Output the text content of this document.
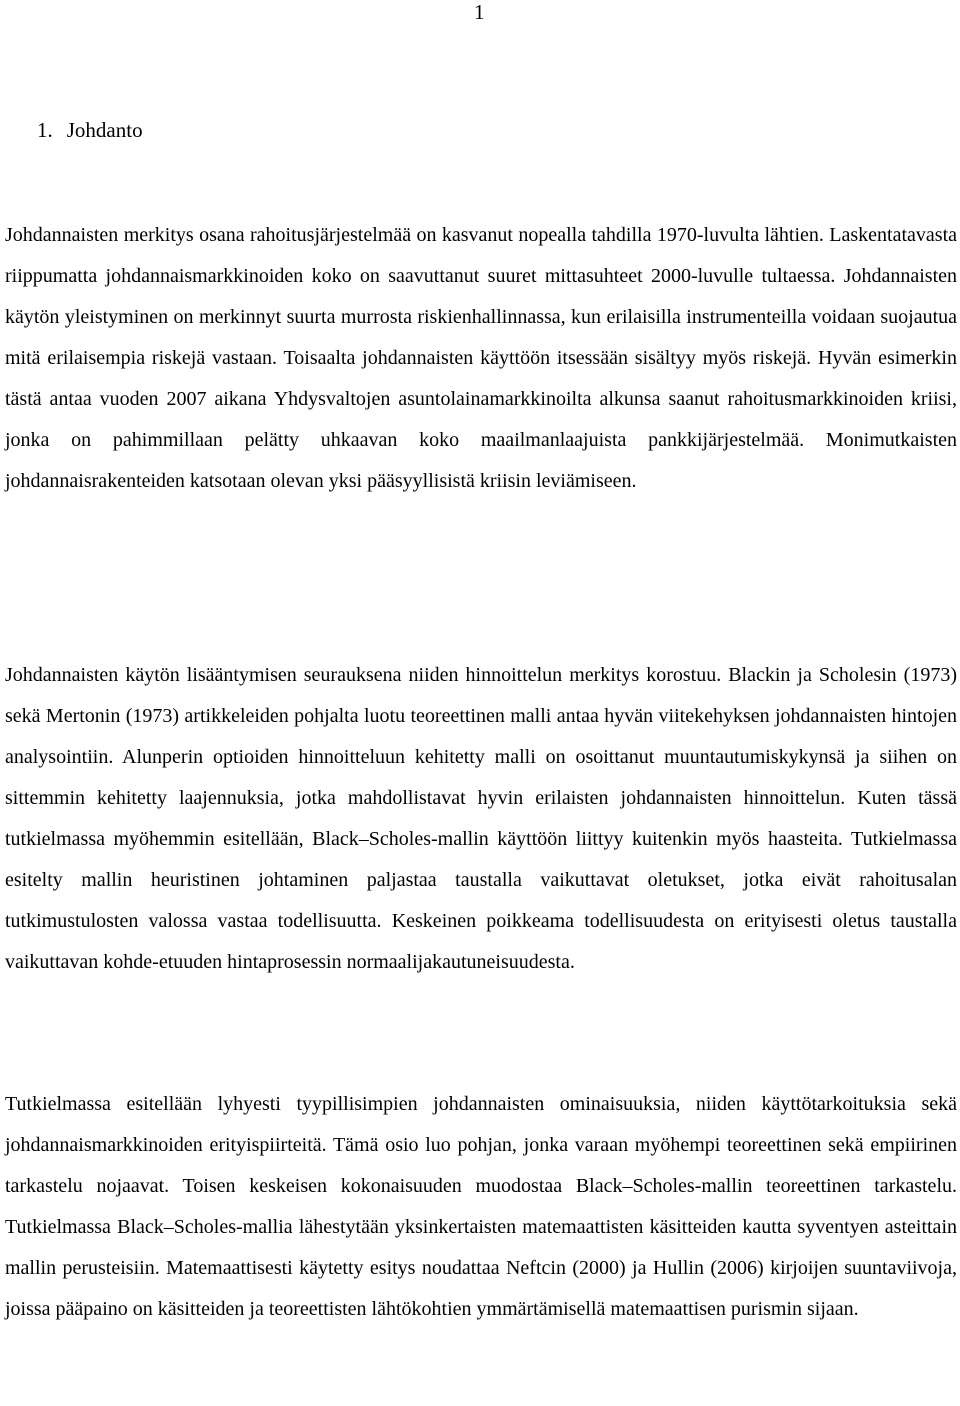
1
1. Johdanto

Johdannaisten merkitys osana rahoitusjärjestelmää on kasvanut nopealla tahdilla 1970-luvulta lähtien. Laskentatavasta riippumatta johdannaismarkkinoiden koko on saavuttanut suuret mittasuhteet 2000-luvulle tultaessa. Johdannaisten käytön yleistyminen on merkinnyt suurta murrosta riskienhallinnassa, kun erilaisilla instrumenteilla voidaan suojautua mitä erilaisempia riskejä vastaan. Toisaalta johdannaisten käyttöön itsessään sisältyy myös riskejä. Hyvän esimerkin tästä antaa vuoden 2007 aikana Yhdysvaltojen asuntolainamarkkinoilta alkunsa saanut rahoitusmarkkinoiden kriisi, jonka on pahimmillaan pelätty uhkaavan koko maailmanlaajuista pankkijärjestelmää. Monimutkaisten johdannaisrakenteiden katsotaan olevan yksi pääsyyllisistä kriisin leviämiseen.

Johdannaisten käytön lisääntymisen seurauksena niiden hinnoittelun merkitys korostuu. Blackin ja Scholesin (1973) sekä Mertonin (1973) artikkeleiden pohjalta luotu teoreettinen malli antaa hyvän viitekehyksen johdannaisten hintojen analysointiin. Alunperin optioiden hinnoitteluun kehitetty malli on osoittanut muuntautumiskykynsä ja siihen on sittemmin kehitetty laajennuksia, jotka mahdollistavat hyvin erilaisten johdannaisten hinnoittelun. Kuten tässä tutkielmassa myöhemmin esitellään, Black–Scholes-mallin käyttöön liittyy kuitenkin myös haasteita. Tutkielmassa esitelty mallin heuristinen johtaminen paljastaa taustalla vaikuttavat oletukset, jotka eivät rahoitusalan tutkimustulosten valossa vastaa todellisuutta. Keskeinen poikkeama todellisuudesta on erityisesti oletus taustalla vaikuttavan kohde-etuuden hintaprosessin normaalijakautuneisuudesta.

Tutkielmassa esitellään lyhyesti tyypillisimpien johdannaisten ominaisuuksia, niiden käyttötarkoituksia sekä johdannaismarkkinoiden erityispiirteitä. Tämä osio luo pohjan, jonka varaan myöhempi teoreettinen sekä empiirinen tarkastelu nojaavat. Toisen keskeisen kokonaisuuden muodostaa Black–Scholes-mallin teoreettinen tarkastelu. Tutkielmassa Black–Scholes-mallia lähestytään yksinkertaisten matemaattisten käsitteiden kautta syventyen asteittain mallin perusteisiin. Matemaattisesti käytetty esitys noudattaa Neftcin (2000) ja Hullin (2006) kirjoijen suuntaviivoja, joissa pääpaino on käsitteiden ja teoreettisten lähtökohtien ymmärtämisellä matemaattisen purismin sijaan.
